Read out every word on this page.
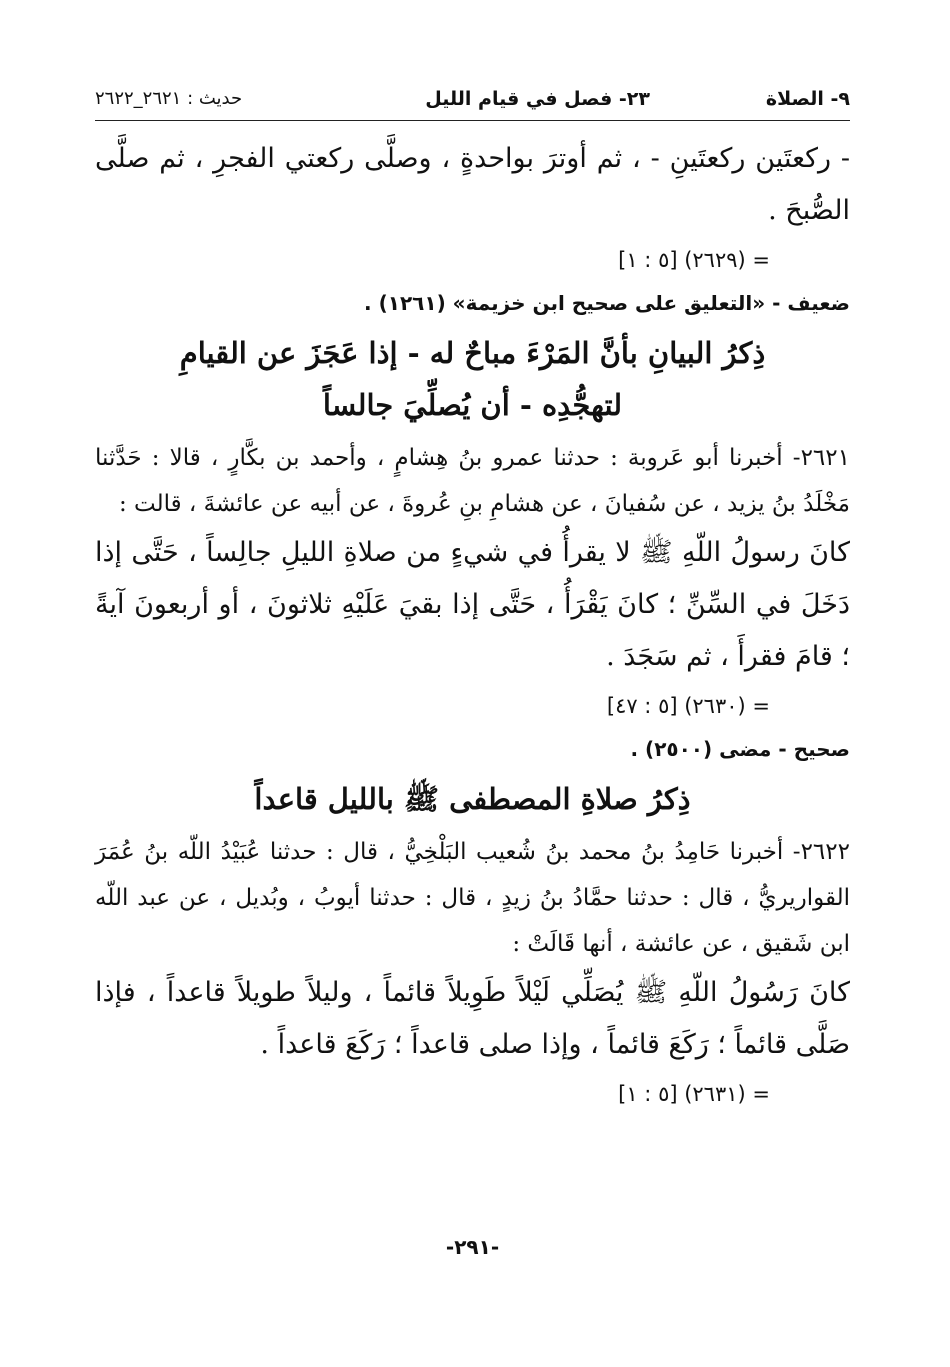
٩- الصلاة
٢٣- فصل في قيام الليل
حديث : ٢٦٢١_٢٦٢٢

- ركعتَين ركعتَينِ - ، ثم أوترَ بواحدةٍ ، وصلَّى ركعتي الفجرِ ، ثم صلَّى الصُّبحَ .

= (٢٦٢٩) [٥ : ١]
ضعيف - «التعليق على صحيح ابن خزيمة» (١٢٦١) .
ذِكرُ البيانِ بأنَّ المَرْءَ مباحٌ له - إذا عَجَزَ عن القيامِ
لتهجُّدِه - أن يُصلِّيَ جالساً

٢٦٢١- أخبرنا أبو عَروبة : حدثنا عمرو بنُ هِشامٍ ، وأحمد بن بكَّارٍ ، قالا : حَدَّثنا مَخْلَدُ بنُ يزيد ، عن سُفيانَ ، عن هشامِ بنِ عُروةَ ، عن أبيه عن عائشةَ ، قالت :

كانَ رسولُ اللّهِ ﷺ لا يقرأُ في شيءٍ من صلاةِ الليلِ جالِساً ، حَتَّى إذا دَخَلَ في السِّنِّ ؛ كانَ يَقْرَأُ ، حَتَّى إذا بقيَ عَلَيْهِ ثلاثونَ ، أو أربعونَ آيةً ؛ قامَ فقرأَ ، ثم سَجَدَ .

= (٢٦٣٠) [٥ : ٤٧]
صحيح - مضى (٢٥٠٠) .
ذِكرُ صلاةِ المصطفى ﷺ بالليل قاعداً

٢٦٢٢- أخبرنا حَامِدُ بنُ محمد بنُ شُعيب البَلْخِيُّ ، قال : حدثنا عُبَيْدُ اللّه بنُ عُمَرَ القواريريُّ ، قال : حدثنا حمَّادُ بنُ زيدٍ ، قال : حدثنا أيوبُ ، وبُديل ، عن عبد اللّه ابن شَقيق ، عن عائشة ، أنها قَالَتْ :

كانَ رَسُولُ اللّهِ ﷺ يُصَلِّي لَيْلاً طَوِيلاً قائماً ، وليلاً طويلاً قاعداً ، فإذا صَلَّى قائماً ؛ رَكَعَ قائماً ، وإذا صلى قاعداً ؛ رَكَعَ قاعداً .

= (٢٦٣١) [٥ : ١]
-٢٩١-
